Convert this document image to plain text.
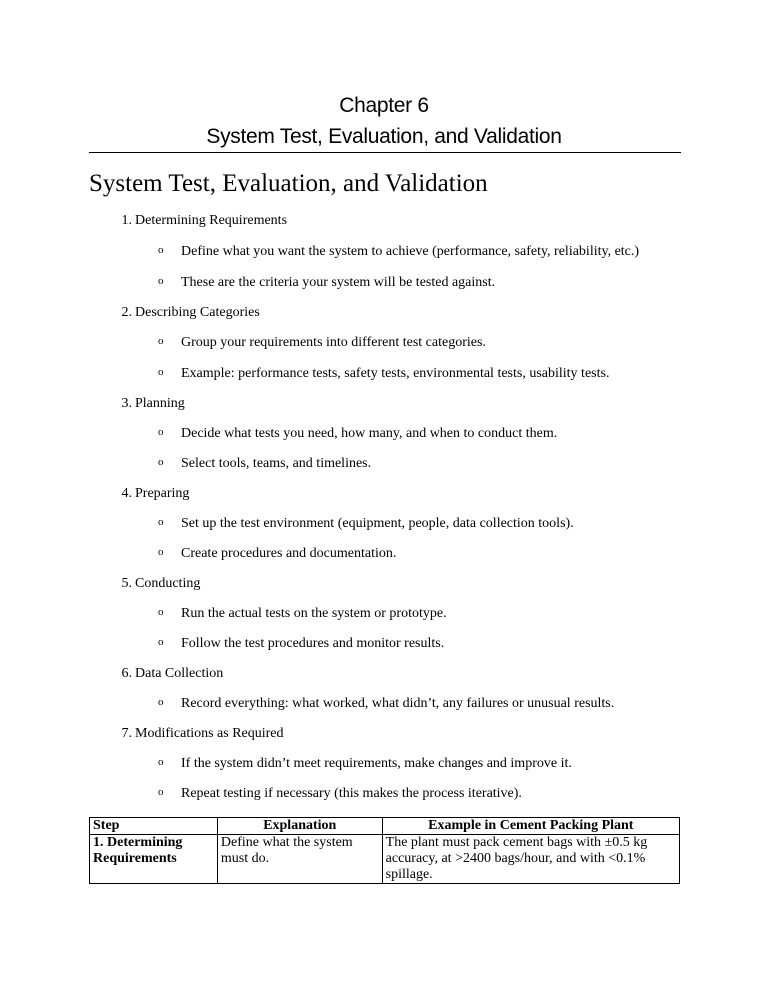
Chapter 6
System Test, Evaluation, and Validation
System Test, Evaluation, and Validation
1. Determining Requirements
o Define what you want the system to achieve (performance, safety, reliability, etc.)
o These are the criteria your system will be tested against.
2. Describing Categories
o Group your requirements into different test categories.
o Example: performance tests, safety tests, environmental tests, usability tests.
3. Planning
o Decide what tests you need, how many, and when to conduct them.
o Select tools, teams, and timelines.
4. Preparing
o Set up the test environment (equipment, people, data collection tools).
o Create procedures and documentation.
5. Conducting
o Run the actual tests on the system or prototype.
o Follow the test procedures and monitor results.
6. Data Collection
o Record everything: what worked, what didn’t, any failures or unusual results.
7. Modifications as Required
o If the system didn’t meet requirements, make changes and improve it.
o Repeat testing if necessary (this makes the process iterative).
Step	Explanation	Example in Cement Packing Plant
1. Determining
Requirements	Define what the system must do.	The plant must pack cement bags with ±0.5 kg accuracy, at >2400 bags/hour, and with <0.1% spillage.
